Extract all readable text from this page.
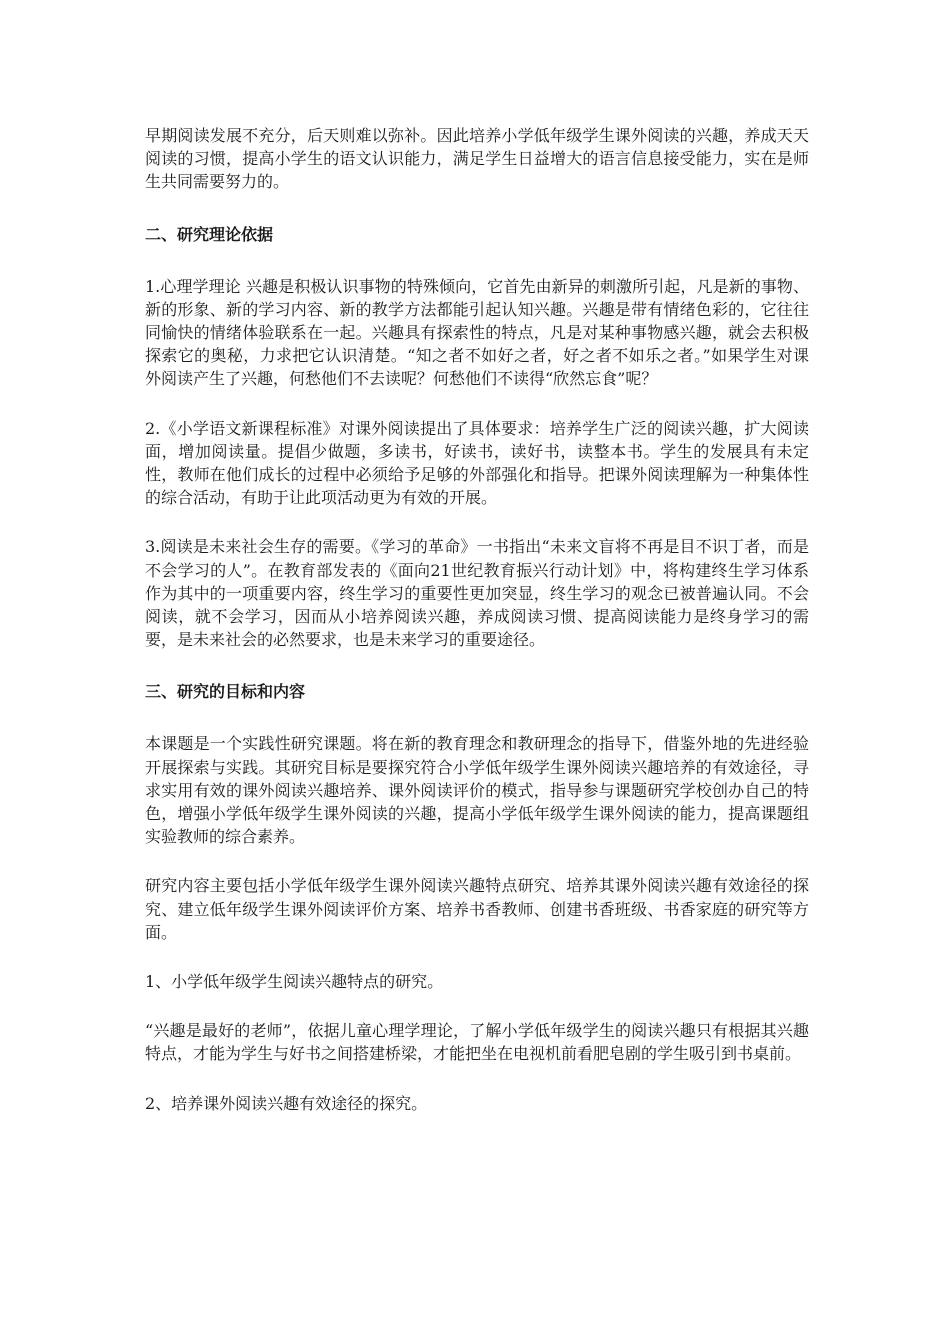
早期阅读发展不充分，后天则难以弥补。因此培养小学低年级学生课外阅读的兴趣，养成天天阅读的习惯，提高小学生的语文认识能力，满足学生日益增大的语言信息接受能力，实在是师生共同需要努力的。

二、研究理论依据

1.心理学理论 兴趣是积极认识事物的特殊倾向，它首先由新异的刺激所引起，凡是新的事物、新的形象、新的学习内容、新的教学方法都能引起认知兴趣。兴趣是带有情绪色彩的，它往往同愉快的情绪体验联系在一起。兴趣具有探索性的特点，凡是对某种事物感兴趣，就会去积极探索它的奥秘，力求把它认识清楚。“知之者不如好之者，好之者不如乐之者。”如果学生对课外阅读产生了兴趣，何愁他们不去读呢？何愁他们不读得“欣然忘食”呢？

2.《小学语文新课程标准》对课外阅读提出了具体要求：培养学生广泛的阅读兴趣，扩大阅读面，增加阅读量。提倡少做题，多读书，好读书，读好书，读整本书。学生的发展具有未定性，教师在他们成长的过程中必须给予足够的外部强化和指导。把课外阅读理解为一种集体性的综合活动，有助于让此项活动更为有效的开展。

3.阅读是未来社会生存的需要。《学习的革命》一书指出“未来文盲将不再是目不识丁者，而是不会学习的人”。在教育部发表的《面向21世纪教育振兴行动计划》中，将构建终生学习体系作为其中的一项重要内容，终生学习的重要性更加突显，终生学习的观念已被普遍认同。不会阅读，就不会学习，因而从小培养阅读兴趣，养成阅读习惯、提高阅读能力是终身学习的需要，是未来社会的必然要求，也是未来学习的重要途径。

三、研究的目标和内容

本课题是一个实践性研究课题。将在新的教育理念和教研理念的指导下，借鉴外地的先进经验开展探索与实践。其研究目标是要探究符合小学低年级学生课外阅读兴趣培养的有效途径，寻求实用有效的课外阅读兴趣培养、课外阅读评价的模式，指导参与课题研究学校创办自己的特色，增强小学低年级学生课外阅读的兴趣，提高小学低年级学生课外阅读的能力，提高课题组实验教师的综合素养。

研究内容主要包括小学低年级学生课外阅读兴趣特点研究、培养其课外阅读兴趣有效途径的探究、建立低年级学生课外阅读评价方案、培养书香教师、创建书香班级、书香家庭的研究等方面。

1、小学低年级学生阅读兴趣特点的研究。

“兴趣是最好的老师”，依据儿童心理学理论，了解小学低年级学生的阅读兴趣只有根据其兴趣特点，才能为学生与好书之间搭建桥梁，才能把坐在电视机前看肥皂剧的学生吸引到书桌前。

2、培养课外阅读兴趣有效途径的探究。
